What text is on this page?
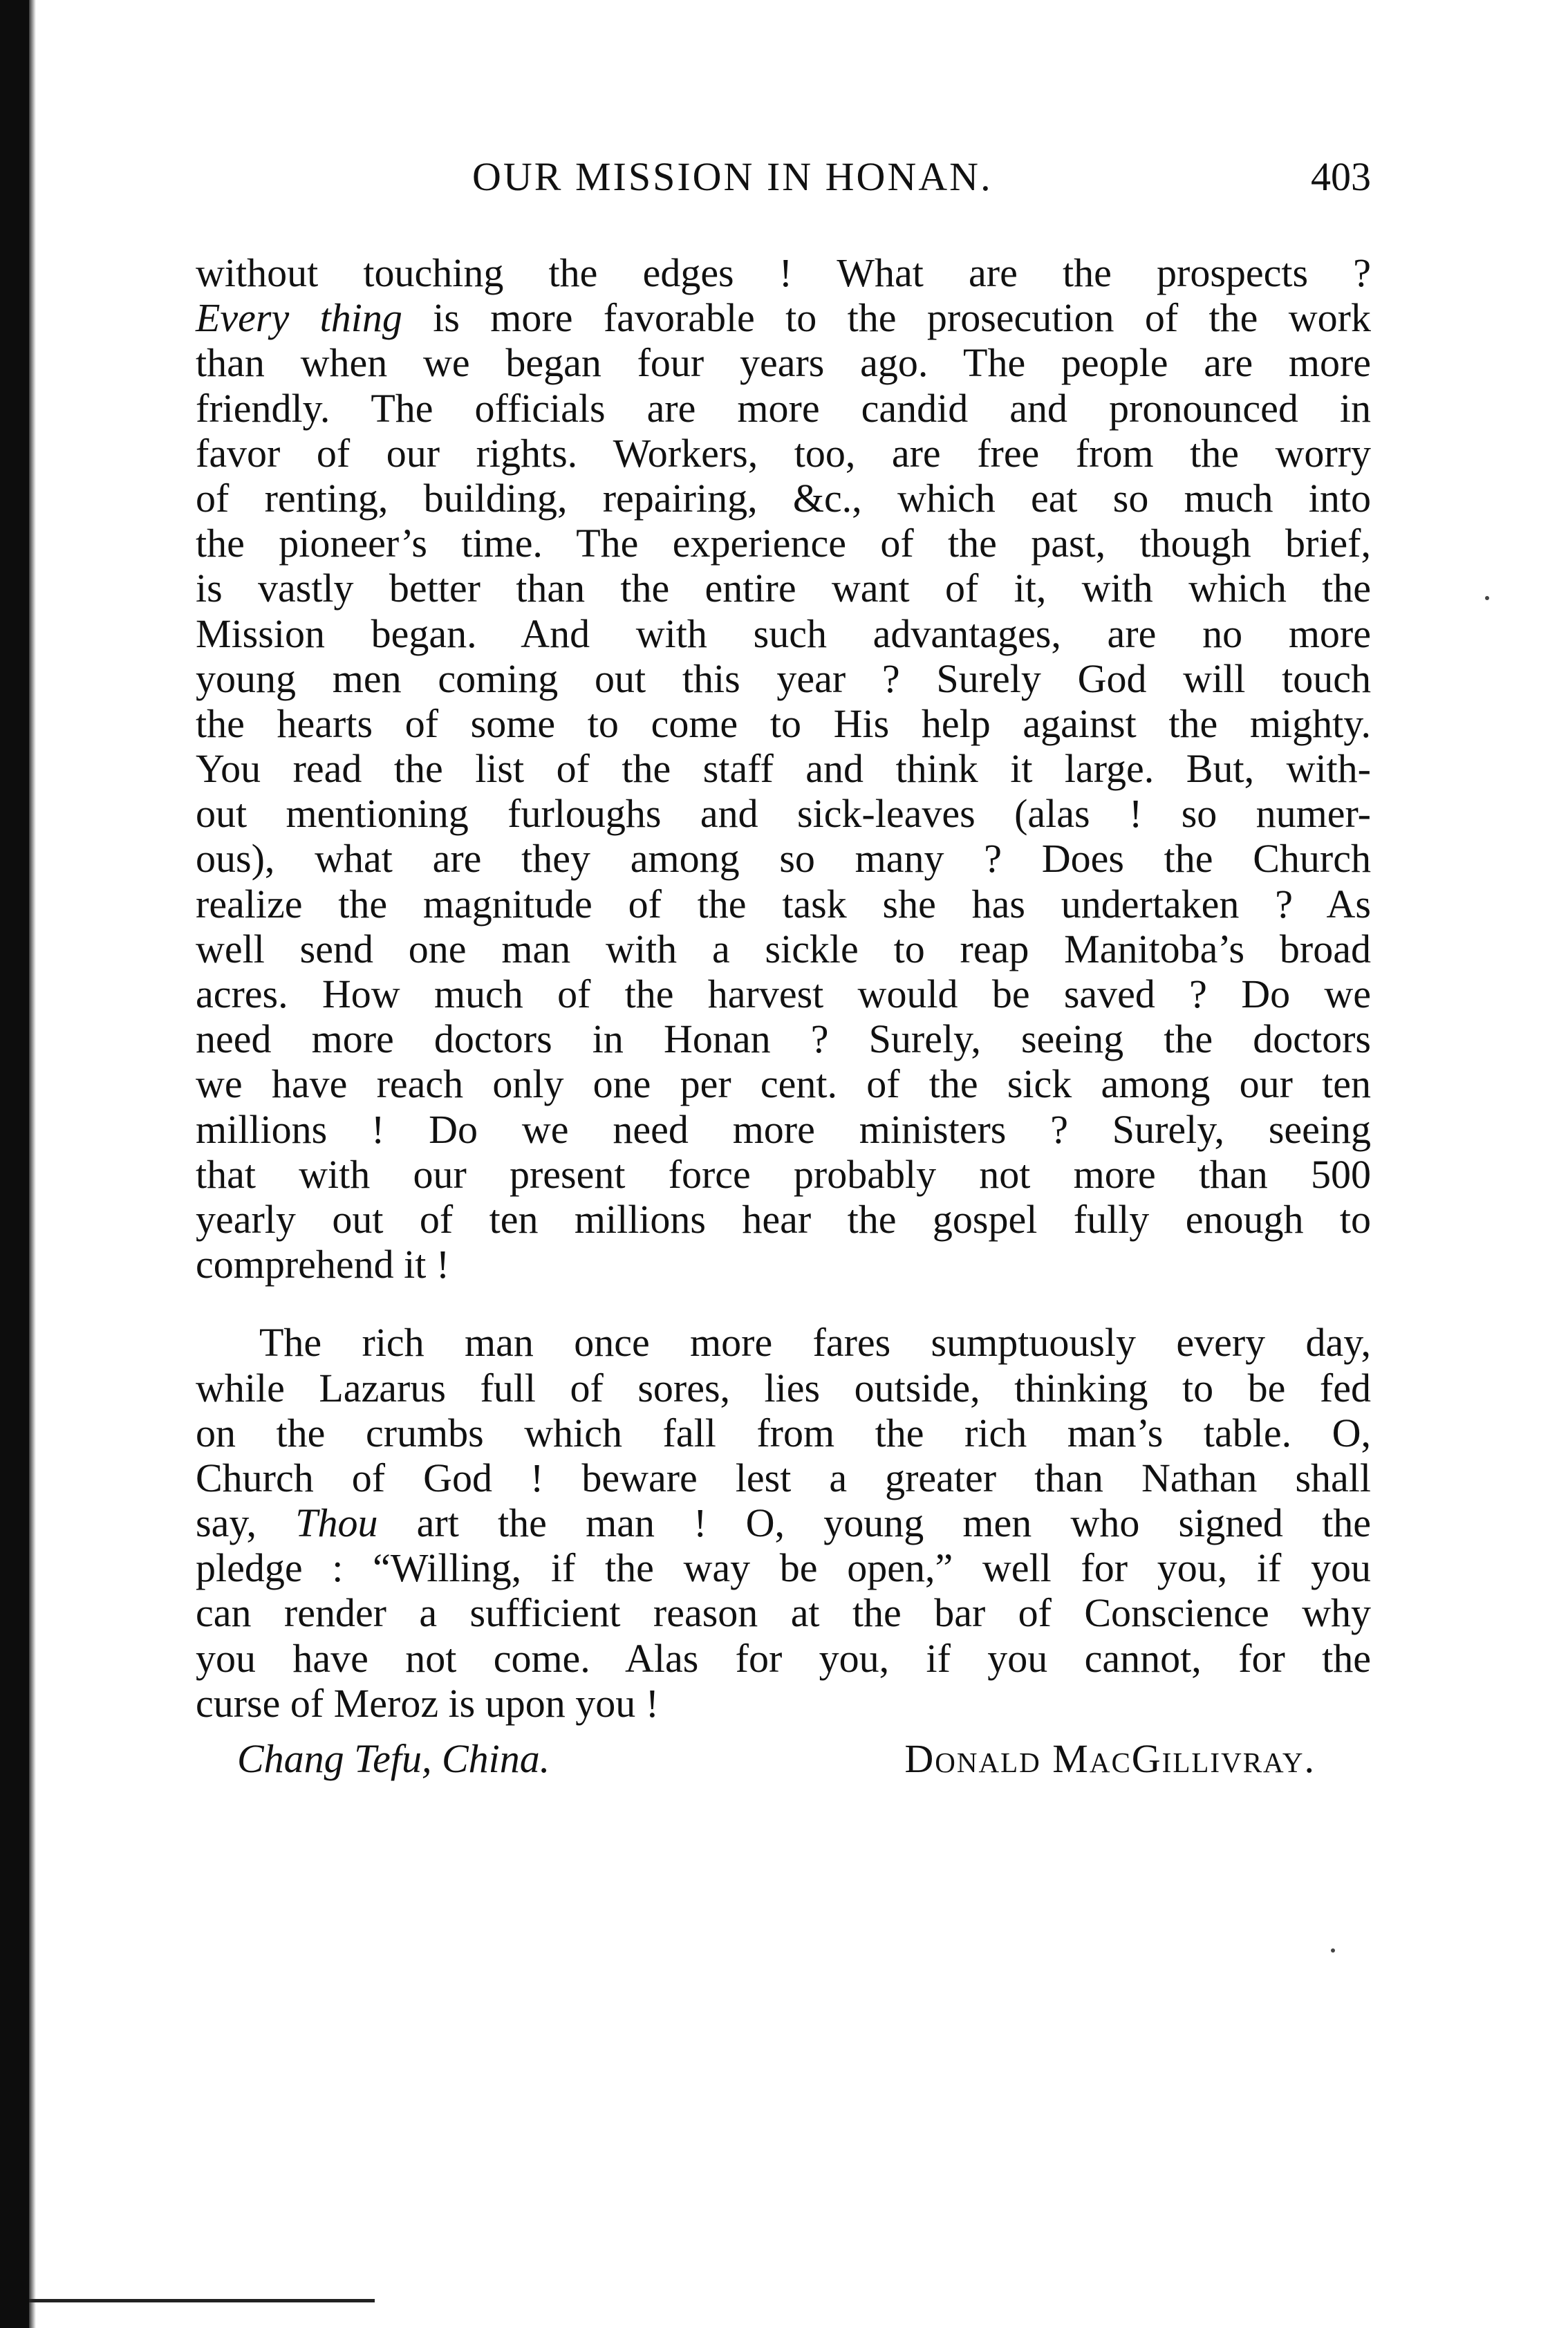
OUR MISSION IN HONAN.	403
without touching the edges ! What are the prospects ?
Every thing is more favorable to the prosecution of the work
than when we began four years ago. The people are more
friendly. The officials are more candid and pronounced in
favor of our rights. Workers, too, are free from the worry
of renting, building, repairing, &c., which eat so much into
the pioneer’s time. The experience of the past, though brief,
is vastly better than the entire want of it, with which the
Mission began. And with such advantages, are no more
young men coming out this year ? Surely God will touch
the hearts of some to come to His help against the mighty.
You read the list of the staff and think it large. But, with-
out mentioning furloughs and sick-leaves (alas ! so numer-
ous), what are they among so many ? Does the Church
realize the magnitude of the task she has undertaken ? As
well send one man with a sickle to reap Manitoba’s broad
acres. How much of the harvest would be saved ? Do we
need more doctors in Honan ? Surely, seeing the doctors
we have reach only one per cent. of the sick among our ten
millions ! Do we need more ministers ? Surely, seeing
that with our present force probably not more than 500
yearly out of ten millions hear the gospel fully enough to
comprehend it !
The rich man once more fares sumptuously every day,
while Lazarus full of sores, lies outside, thinking to be fed
on the crumbs which fall from the rich man’s table. O,
Church of God ! beware lest a greater than Nathan shall
say, Thou art the man ! O, young men who signed the
pledge : “Willing, if the way be open,” well for you, if you
can render a sufficient reason at the bar of Conscience why
you have not come. Alas for you, if you cannot, for the
curse of Meroz is upon you !
Chang Tefu, China.	Donald MacGillivray.
